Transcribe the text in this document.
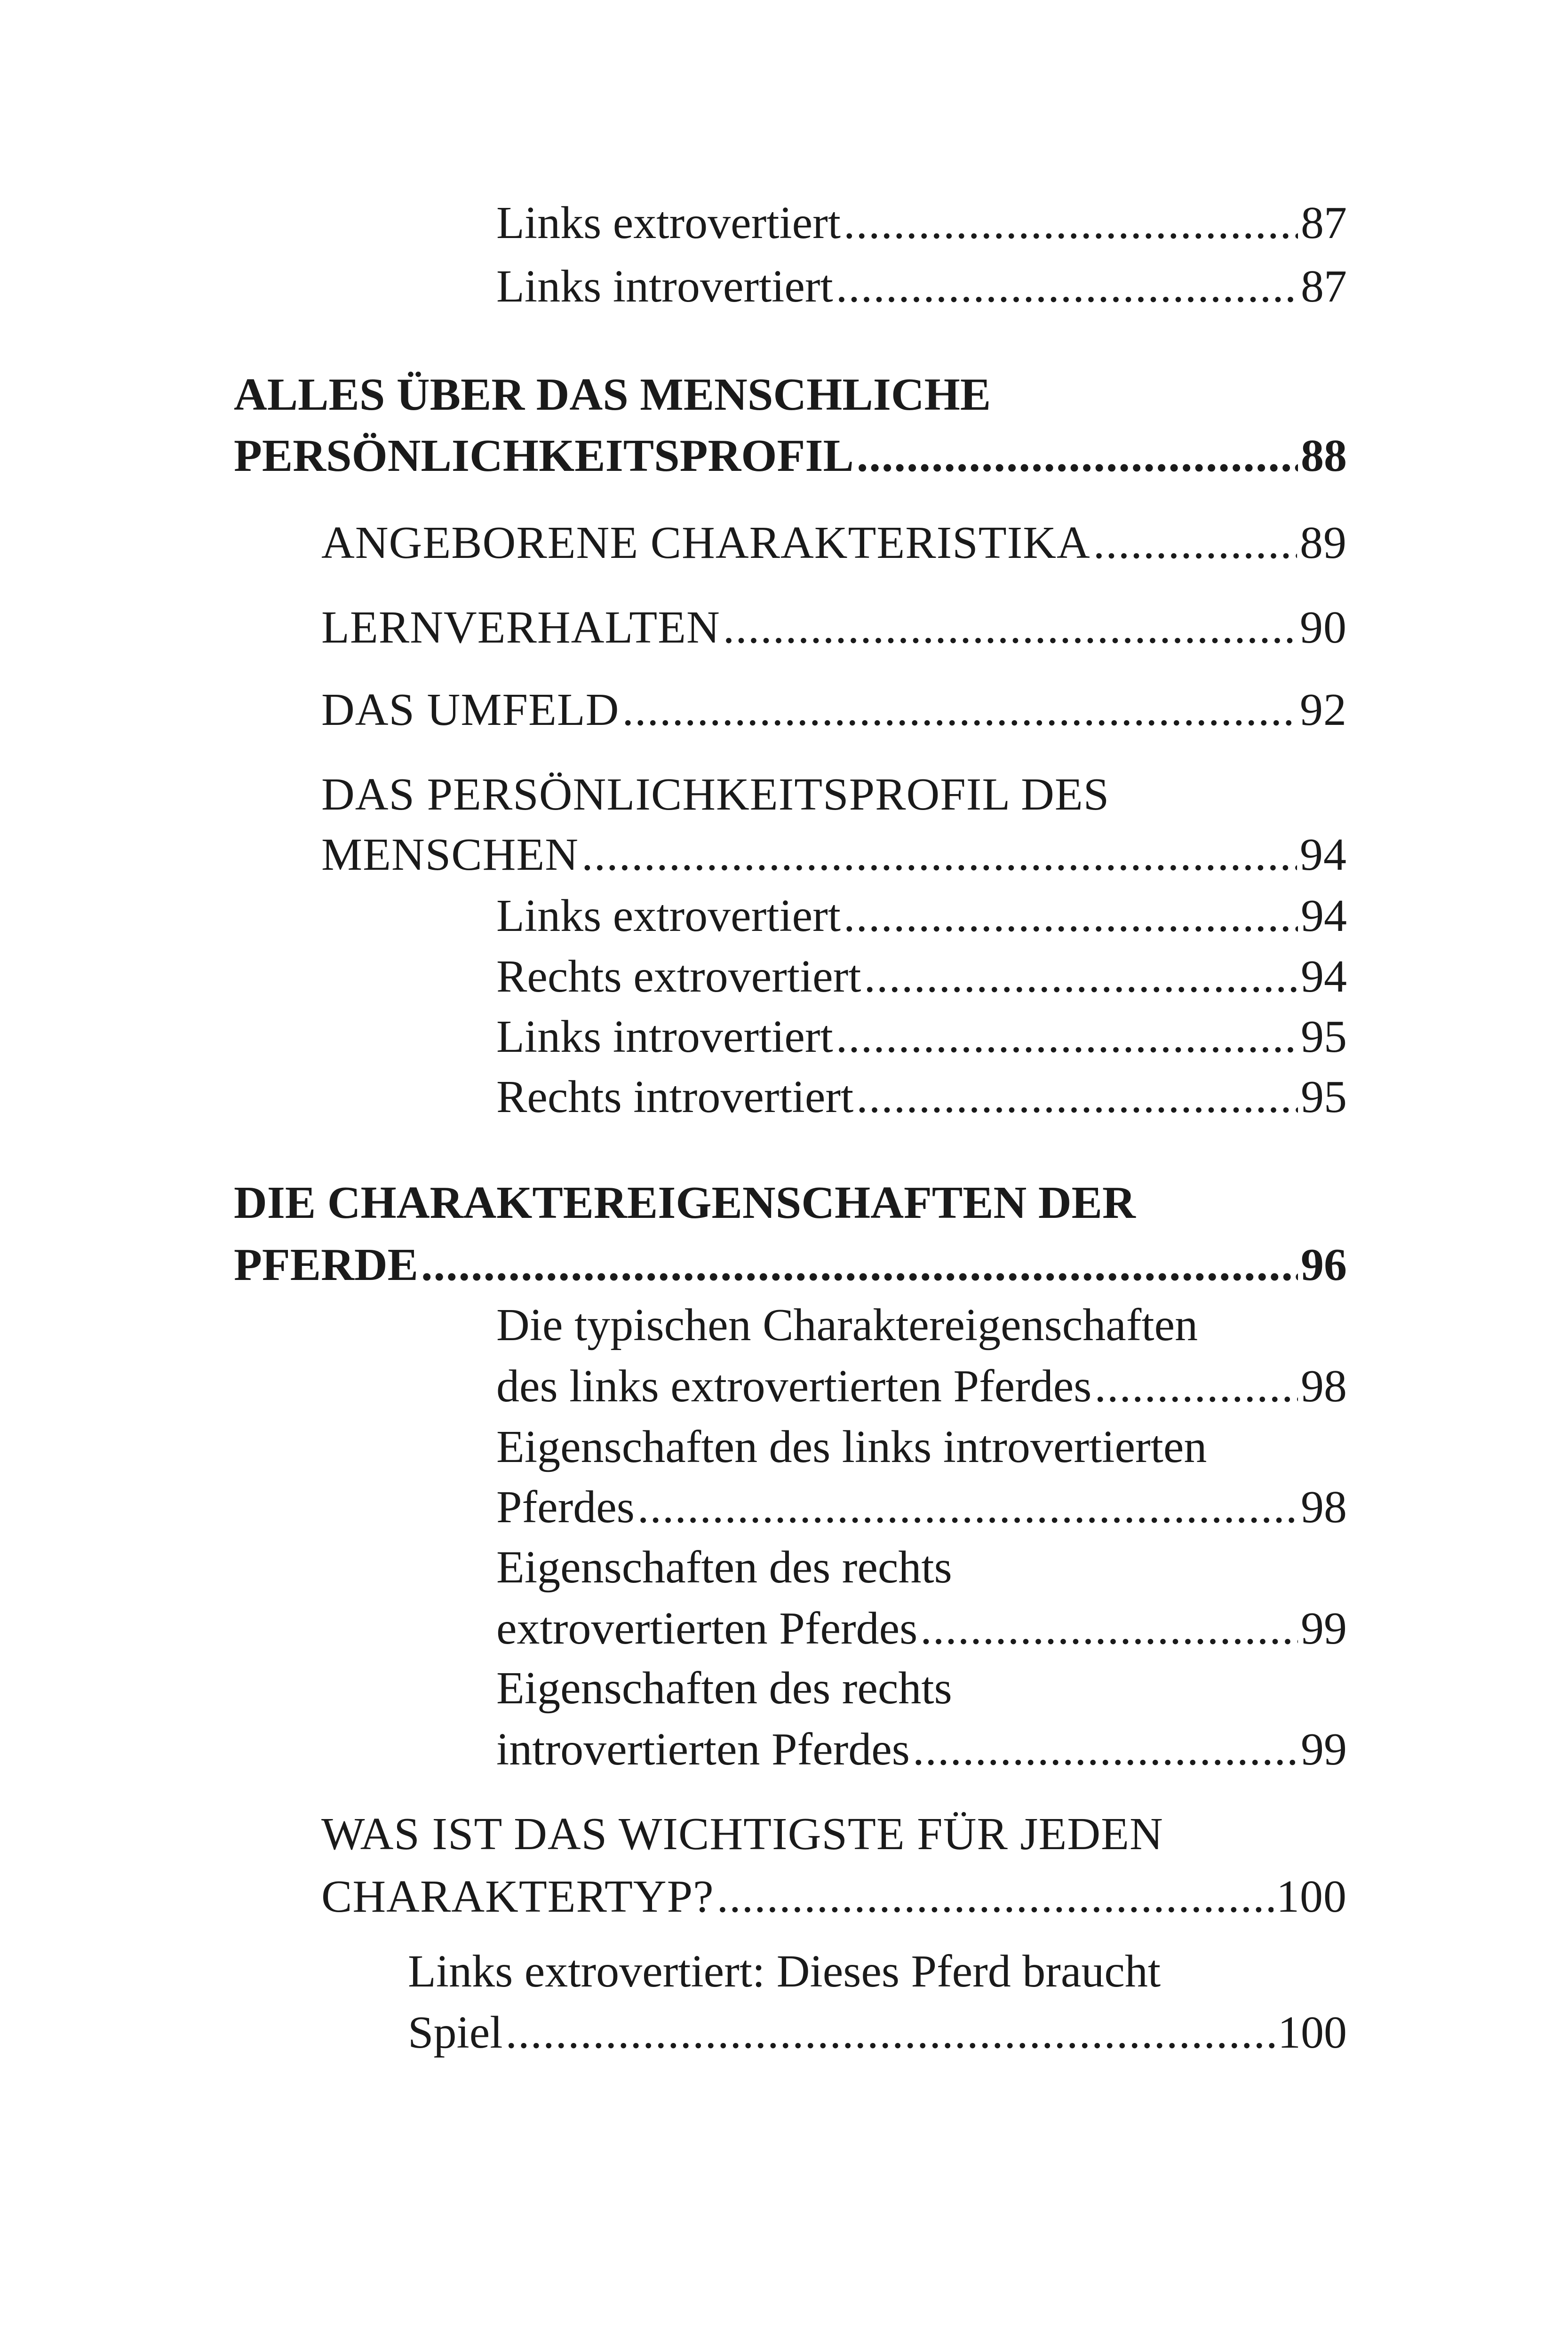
Links extrovertiert .....	87
Links introvertiert .....	87
ALLES ÜBER DAS MENSCHLICHE
PERSÖNLICHKEITSPROFIL .....	88
ANGEBORENE CHARAKTERISTIKA .....	89
LERNVERHALTEN .....	90
DAS UMFELD .....	92
DAS PERSÖNLICHKEITSPROFIL DES
MENSCHEN .....	94
Links extrovertiert .....	94
Rechts extrovertiert .....	94
Links introvertiert .....	95
Rechts introvertiert .....	95
DIE CHARAKTEREIGENSCHAFTEN DER
PFERDE .....	96
Die typischen Charaktereigenschaften
des links extrovertierten Pferdes .....	98
Eigenschaften des links introvertierten
Pferdes .....	98
Eigenschaften des rechts
extrovertierten Pferdes .....	99
Eigenschaften des rechts
introvertierten Pferdes .....	99
WAS IST DAS WICHTIGSTE FÜR JEDEN
CHARAKTERTYP? .....	100
Links extrovertiert: Dieses Pferd braucht
Spiel .....	100
